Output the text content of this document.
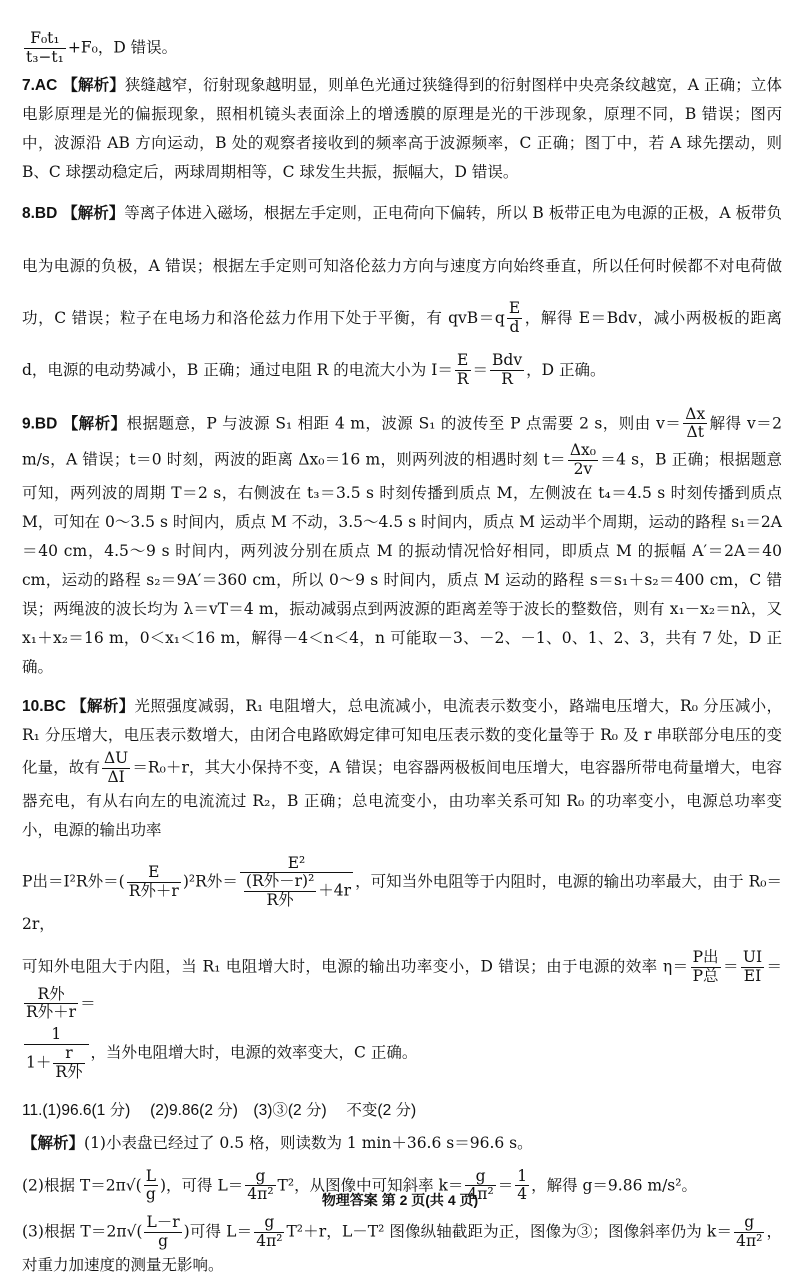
$\frac{\text{F₀t₁}}{\text{t₃−t₁}} +F_0$，D 错误。
7.AC 【解析】狭缝越窄，衍射现象越明显，则单色光通过狭缝得到的衍射图样中央亮条纹越宽，A 正确；立体电影原理是光的偏振现象，照相机镜头表面涂上的增透膜的原理是光的干涉现象，原理不同，B 错误；图丙中，波源沿 AB 方向运动，B 处的观察者接收到的频率高于波源频率，C 正确；图丁中，若 A 球先摆动，则 B、C 球摆动稳定后，两球周期相等，C 球发生共振，振幅大，D 错误。
8.BD 【解析】等离子体进入磁场，根据左手定则，正电荷向下偏转，所以 B 板带正电为电源的正极，A 板带负电为电源的负极，A 错误；根据左手定则可知洛伦兹力方向与速度方向始终垂直，所以任何时候都不对电荷做功，C 错误；粒子在电场力和洛伦兹力作用下处于平衡，有 $qvB=q \frac{E}{d}$ ，解得 E＝Bdv，减小两极板的距离 d，电源的电动势减小，B 正确；通过电阻 R 的电流大小为 $I= \frac{E}{R} = \frac{\text{Bdv}}{R}$ ，D 正确。
9.BD 【解析】根据题意，P 与波源 S₁ 相距 4 m，波源 S₁ 的波传至 P 点需要 2 s，则由 $v= \frac{\Delta x}{\Delta t}$ 解得 v＝2 m/s，A 错误；t＝0 时刻，两波的距离 Δx₀＝16 m，则两列波的相遇时刻 $t= \frac{\text{Δx₀}}{2v} =4$ s，B 正确；根据题意可知，两列波的周期 T＝2 s，右侧波在 t₃＝3.5 s 时刻传播到质点 M，左侧波在 t₄＝4.5 s 时刻传播到质点 M，可知在 0～3.5 s 时间内，质点 M 不动，3.5～4.5 s 时间内，质点 M 运动半个周期，运动的路程 s₁＝2A＝40 cm，4.5～9 s 时间内，两列波分别在质点 M 的振动情况恰好相同，即质点 M 的振幅 A′＝2A＝40 cm，运动的路程 s₂＝9A′＝360 cm，所以 0～9 s 时间内，质点 M 运动的路程 s＝s₁＋s₂＝400 cm，C 错误；两绳波的波长均为 λ＝vT＝4 m，振动减弱点到两波源的距离差等于波长的整数倍，则有 x₁－x₂＝nλ，又 x₁＋x₂＝16 m，0＜x₁＜16 m，解得－4＜n＜4，n 可能取－3、－2、－1、0、1、2、3，共有 7 处，D 正确。
10.BC 【解析】光照强度减弱，R₁ 电阻增大，总电流减小，电流表示数变小，路端电压增大，R₀ 分压减小，R₁ 分压增大，电压表示数增大，由闭合电路欧姆定律可知电压表示数的变化量等于 R₀ 及 r 串联部分电压的变化量，故有 $\frac{\Delta U}{\Delta I} =R_0+r$，其大小保持不变，A 错误；电容器两极板间电压增大，电容器所带电荷量增大，电容器充电，有从右向左的电流流过 R₂，B 正确；总电流变小，由功率关系可知 R₀ 的功率变小，电源总功率变小，电源的输出功率
P出＝I²R外＝( $\frac{E}{\text{R外＋r}} )^2R$外＝ $\frac{\text{E²}}{\frac{\text{(R外－r)²}}{\text{R外}} +4r}$ ，可知当外电阻等于内阻时，电源的输出功率最大，由于 R₀＝2r，
可知外电阻大于内阻，当 R₁ 电阻增大时，电源的输出功率变小，D 错误；由于电源的效率 $\eta= \frac{\text{P出}}{\text{P总}} = \frac{UI}{EI}$ ＝
$\frac{\text{R外}}{\text{R外＋r}}$ ＝
$\frac{1}{1+ \frac{r}{\text{R外}}}$ ，当外电阻增大时，电源的效率变大，C 正确。
11.(1)96.6(1 分)　 (2)9.86(2 分)　(3)③(2 分)　 不变(2 分)
【解析】(1)小表盘已经过了 0.5 格，则读数为 1 min＋36.6 s＝96.6 s。
(2)根据 $T=2\pi√( \frac{L}{g}$ )，可得 $L= \frac{g}{\text{4π²}} T^2$，从图像中可知斜率 $k= \frac{g}{\text{4π²}} = \frac{1}{4}$ ，解得 g＝9.86 m/s²。
(3)根据 $T=2\pi√( \frac{L-r}{g}$ )可得 $L= \frac{g}{\text{4π²}} T^2+r$，L－T² 图像纵轴截距为正，图像为③；图像斜率仍为 $k= \frac{g}{\text{4π²}}$ ，对重力加速度的测量无影响。
物理答案 第 2 页(共 4 页)
